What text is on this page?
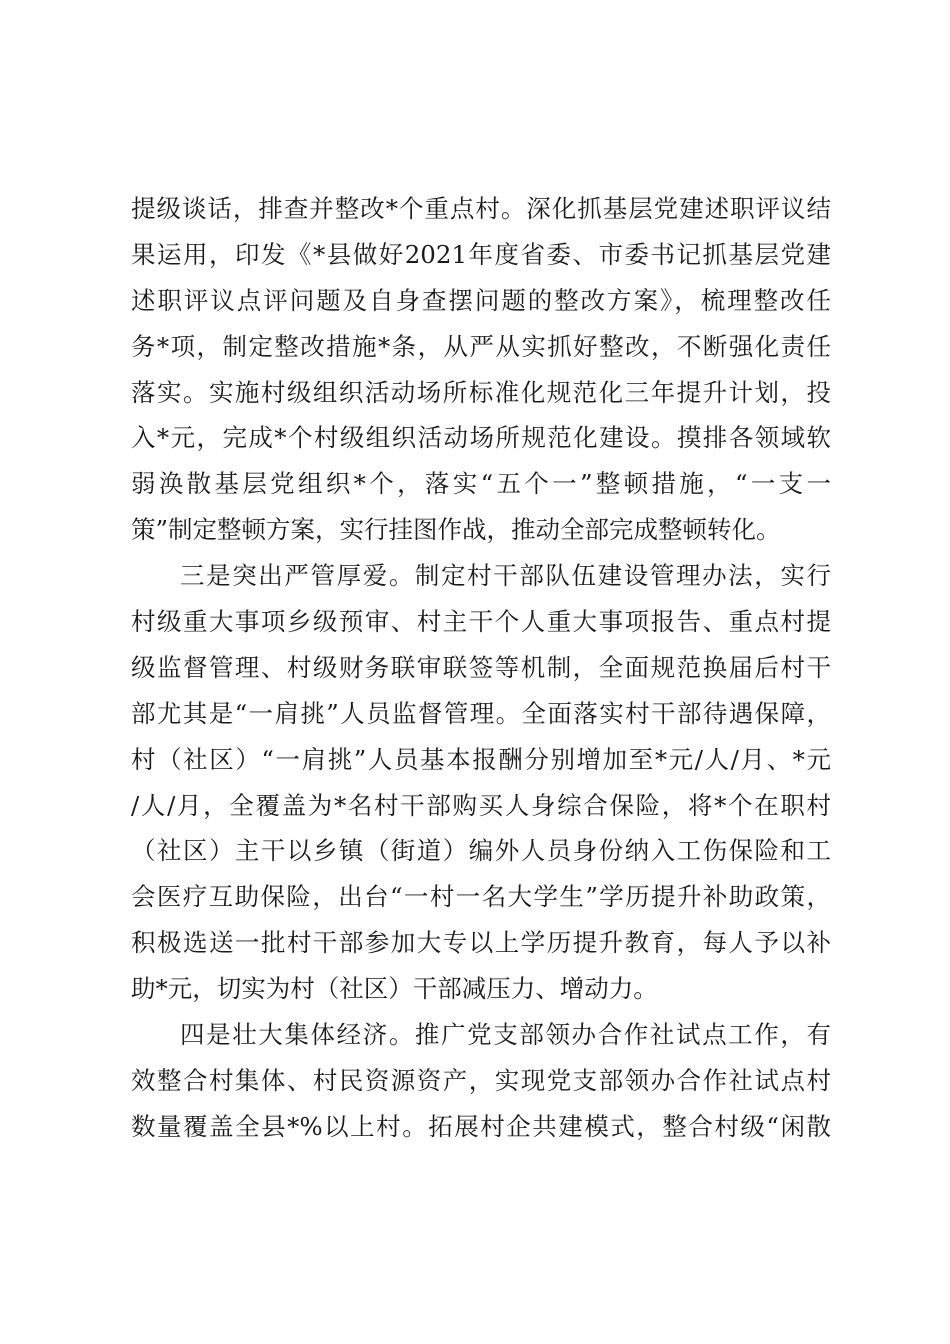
提级谈话，排查并整改*个重点村。深化抓基层党建述职评议结
果运用，印发《*县做好2021年度省委、市委书记抓基层党建
述职评议点评问题及自身查摆问题的整改方案》，梳理整改任
务*项，制定整改措施*条，从严从实抓好整改，不断强化责任
落实。实施村级组织活动场所标准化规范化三年提升计划，投
入*元，完成*个村级组织活动场所规范化建设。摸排各领域软
弱涣散基层党组织*个，落实“五个一”整顿措施，“一支一
策”制定整顿方案，实行挂图作战，推动全部完成整顿转化。
三是突出严管厚爱。制定村干部队伍建设管理办法，实行
村级重大事项乡级预审、村主干个人重大事项报告、重点村提
级监督管理、村级财务联审联签等机制，全面规范换届后村干
部尤其是“一肩挑”人员监督管理。全面落实村干部待遇保障，
村（社区）“一肩挑”人员基本报酬分别增加至*元/人/月、*元
/人/月，全覆盖为*名村干部购买人身综合保险，将*个在职村
（社区）主干以乡镇（街道）编外人员身份纳入工伤保险和工
会医疗互助保险，出台“一村一名大学生”学历提升补助政策，
积极选送一批村干部参加大专以上学历提升教育，每人予以补
助*元，切实为村（社区）干部减压力、增动力。
四是壮大集体经济。推广党支部领办合作社试点工作，有
效整合村集体、村民资源资产，实现党支部领办合作社试点村
数量覆盖全县*%以上村。拓展村企共建模式，整合村级“闲散
